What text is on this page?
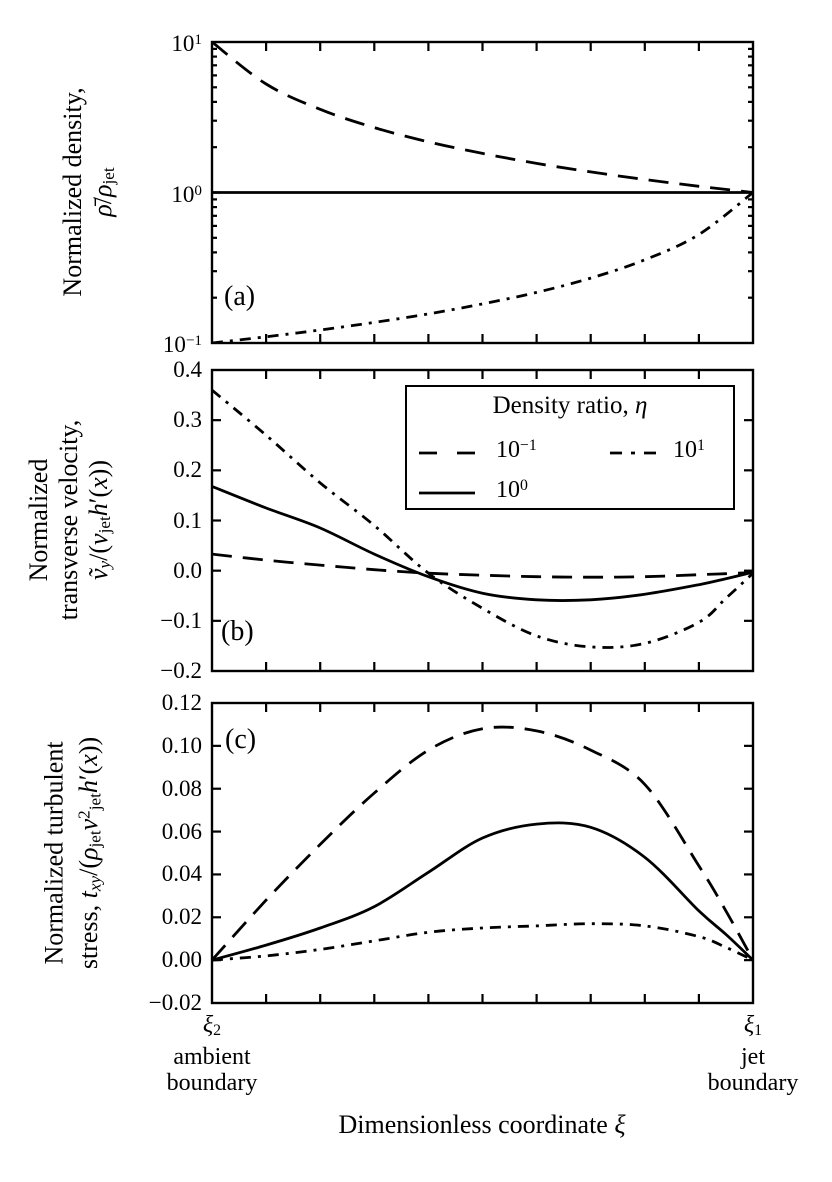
Normalized density, $\rhō/\rho_{jet}$
Normalized transverse velocity, $ṽ_y/(v_{jet}h'(x))$
Normalized turbulent stress, $t_{xy}/(\rho_{jet}v^2_{jet}h'(x))$
(a)
(b)
(c)
$10^1$
$10^0$
$10^{-1}$
0.4
0.3
0.2
0.1
0.0
−0.1
−0.2
0.12
0.10
0.08
0.06
0.04
0.02
0.00
−0.02
$\xi_2$	$\xi_1$
ambient
boundary
jet
boundary
Dimensionless coordinate ξ
Density ratio, η
$10^{-1}$	$10^1$
$10^0$
